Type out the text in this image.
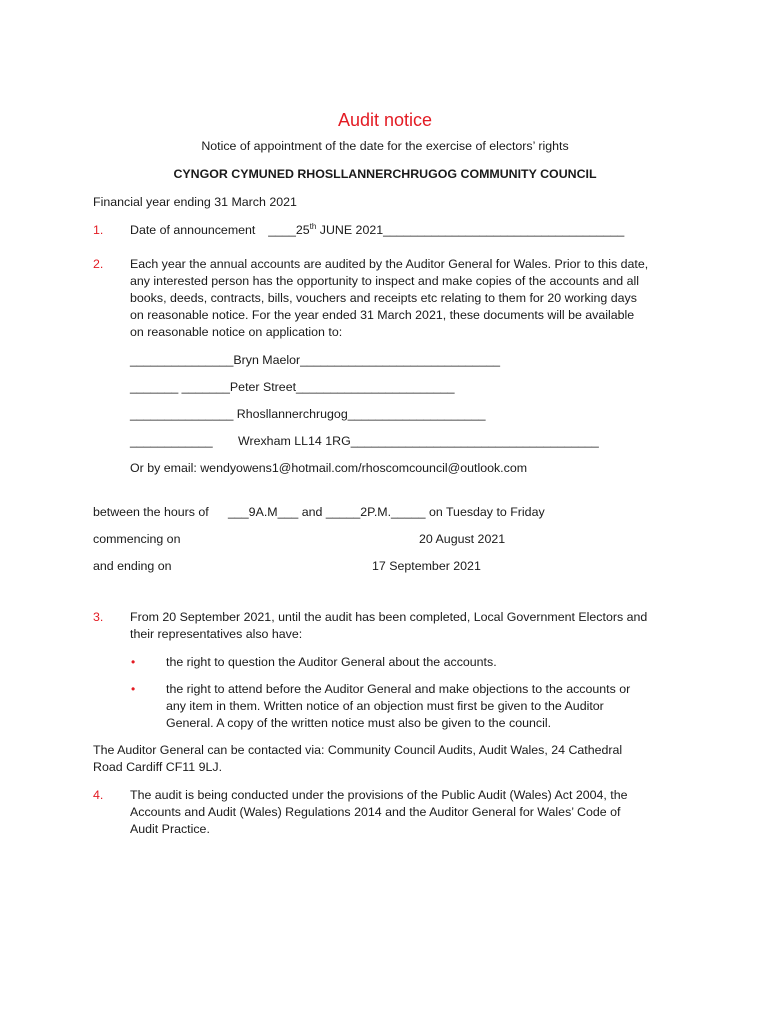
Audit notice
Notice of appointment of the date for the exercise of electors’ rights
CYNGOR CYMUNED RHOSLLANNERCHRUGOG COMMUNITY COUNCIL
Financial year ending 31 March 2021
1. Date of announcement ____25th JUNE 2021___________________________________
2. Each year the annual accounts are audited by the Auditor General for Wales. Prior to this date,
any interested person has the opportunity to inspect and make copies of the accounts and all
books, deeds, contracts, bills, vouchers and receipts etc relating to them for 20 working days
on reasonable notice. For the year ended 31 March 2021, these documents will be available
on reasonable notice on application to:
_______________Bryn Maelor_____________________________
_______ _______Peter Street_______________________
_______________ Rhosllannerchrugog____________________
____________ Wrexham LL14 1RG____________________________________
Or by email: wendyowens1@hotmail.com/rhoscomcouncil@outlook.com
between the hours of ___9A.M___ and _____2P.M._____ on Tuesday to Friday
commencing on	20 August 2021
and ending on	17 September 2021
3. From 20 September 2021, until the audit has been completed, Local Government Electors and
their representatives also have:
• the right to question the Auditor General about the accounts.
• the right to attend before the Auditor General and make objections to the accounts or
any item in them. Written notice of an objection must first be given to the Auditor
General. A copy of the written notice must also be given to the council.
The Auditor General can be contacted via: Community Council Audits, Audit Wales, 24 Cathedral
Road Cardiff CF11 9LJ.
4. The audit is being conducted under the provisions of the Public Audit (Wales) Act 2004, the
Accounts and Audit (Wales) Regulations 2014 and the Auditor General for Wales’ Code of
Audit Practice.
